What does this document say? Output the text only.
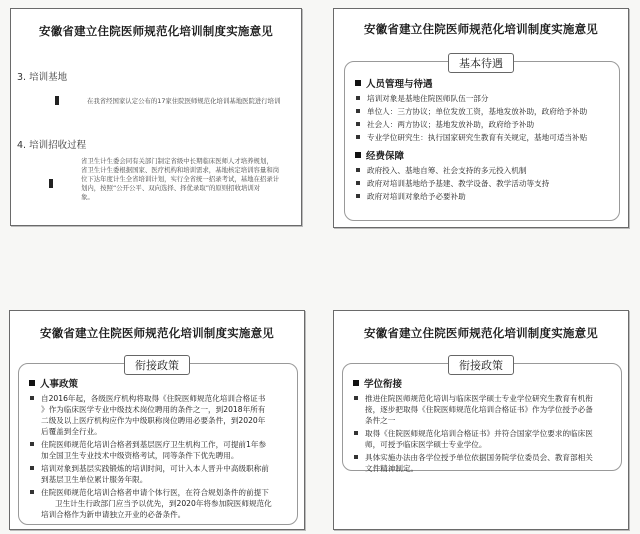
安徽省建立住院医师规范化培训制度实施意见
3. 培训基地
在我省经国家认定公布的17家住院医师规范化培训基地医院进行培训
4. 培训招收过程
省卫生计生委会同有关部门制定省级中长期临床医师人才培养规划，
省卫生计生委根据国家、医疗机构和培训需求，基地核定培训容量和岗
位下达年度计生全省培训计划，实行全省统一招录考试，基地在招录计
划内，按照“公开公平、双向选择、择优录取”的原则招收培训对
象。
安徽省建立住院医师规范化培训制度实施意见
人员管理与待遇
培训对象是基地住院医师队伍一部分
单位人：三方协议；单位发放工资，基地发放补助，政府给予补助
社会人：两方协议；基地发放补助，政府给予补助
专业学位研究生：执行国家研究生教育有关规定，基地可适当补贴
经费保障
政府投入、基地自筹、社会支持的多元投入机制
政府对培训基地给予基建、教学设备、教学活动等支持
政府对培训对象给予必要补助
基本待遇
安徽省建立住院医师规范化培训制度实施意见
人事政策
自2016年起，各级医疗机构将取得《住院医师规范化培训合格证书
》作为临床医学专业中级技术岗位聘用的条件之一，到2018年所有
二级及以上医疗机构应作为中级职称岗位聘用必要条件，到2020年
后覆盖到全行业。
住院医师规范化培训合格者到基层医疗卫生机构工作，可提前1年参
加全国卫生专业技术中级资格考试，同等条件下优先聘用。
培训对象到基层实践锻炼的培训时间，可计入本人晋升中高级职称前
到基层卫生单位累计服务年限。
住院医师规范化培训合格者申请个体行医，在符合规划条件的前提下
卫生计生行政部门应当予以优先，到2020年将参加院医师规范化
培训合格作为新申请独立开业的必备条件。
衔接政策
安徽省建立住院医师规范化培训制度实施意见
学位衔接
推进住院医师规范化培训与临床医学硕士专业学位研究生教育有机衔
接，逐步把取得《住院医师规范化培训合格证书》作为学位授予必备
条件之一
取得《住院医师规范化培训合格证书》并符合国家学位要求的临床医
师，可授予临床医学硕士专业学位。
具体实施办法由各学位授予单位依据国务院学位委员会、教育部相关
文件精神制定。
衔接政策
